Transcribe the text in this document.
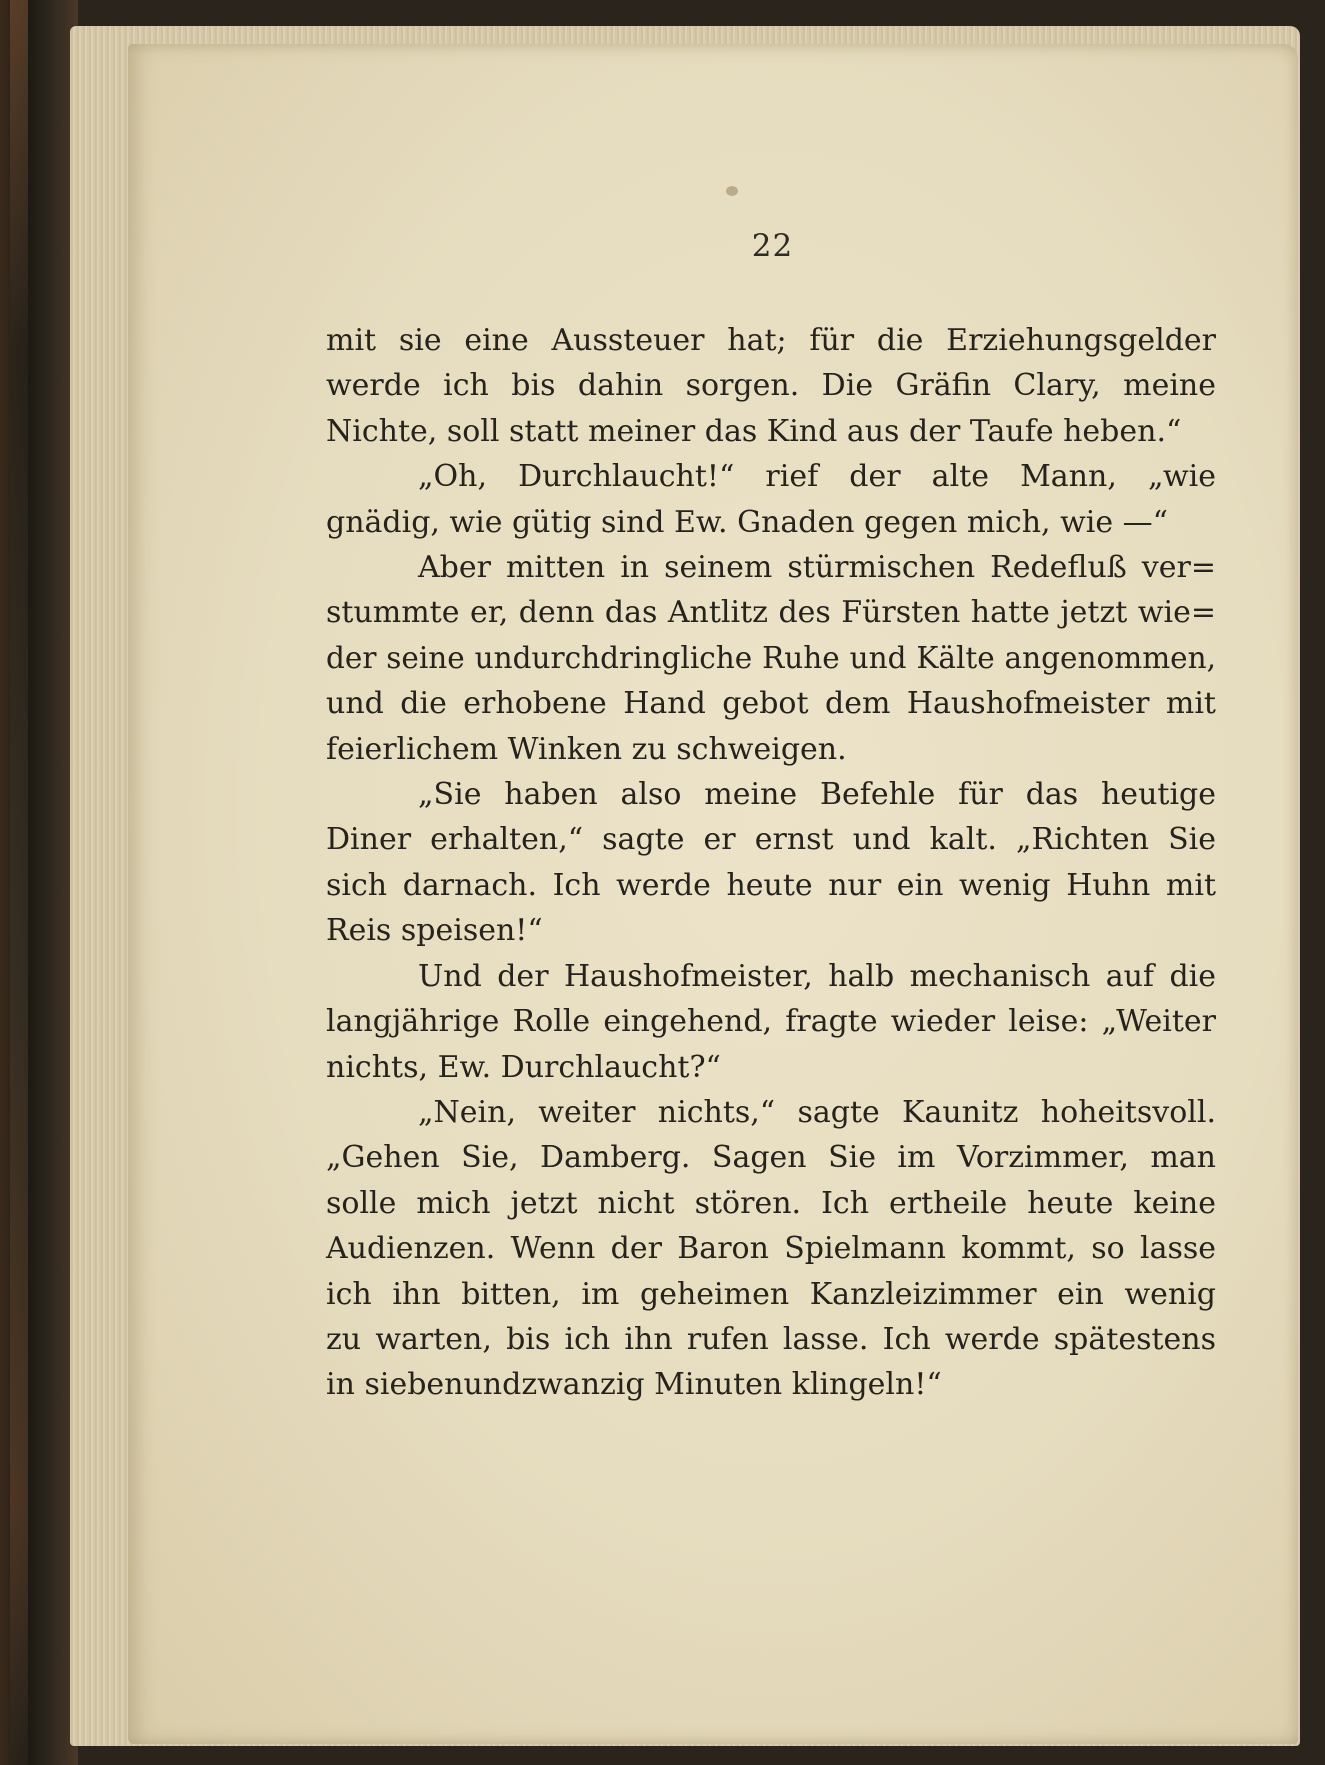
22
mit sie eine Aussteuer hat; für die Erziehungsgelder
werde ich bis dahin sorgen. Die Gräfin Clary, meine
Nichte, soll statt meiner das Kind aus der Taufe heben.“
„Oh, Durchlaucht!“ rief der alte Mann, „wie
gnädig, wie gütig sind Ew. Gnaden gegen mich, wie —“
Aber mitten in seinem stürmischen Redefluß ver=
stummte er, denn das Antlitz des Fürsten hatte jetzt wie=
der seine undurchdringliche Ruhe und Kälte angenommen,
und die erhobene Hand gebot dem Haushofmeister mit
feierlichem Winken zu schweigen.
„Sie haben also meine Befehle für das heutige
Diner erhalten,“ sagte er ernst und kalt. „Richten Sie
sich darnach. Ich werde heute nur ein wenig Huhn mit
Reis speisen!“
Und der Haushofmeister, halb mechanisch auf die
langjährige Rolle eingehend, fragte wieder leise: „Weiter
nichts, Ew. Durchlaucht?“
„Nein, weiter nichts,“ sagte Kaunitz hoheitsvoll.
„Gehen Sie, Damberg. Sagen Sie im Vorzimmer, man
solle mich jetzt nicht stören. Ich ertheile heute keine
Audienzen. Wenn der Baron Spielmann kommt, so lasse
ich ihn bitten, im geheimen Kanzleizimmer ein wenig
zu warten, bis ich ihn rufen lasse. Ich werde spätestens
in siebenundzwanzig Minuten klingeln!“
